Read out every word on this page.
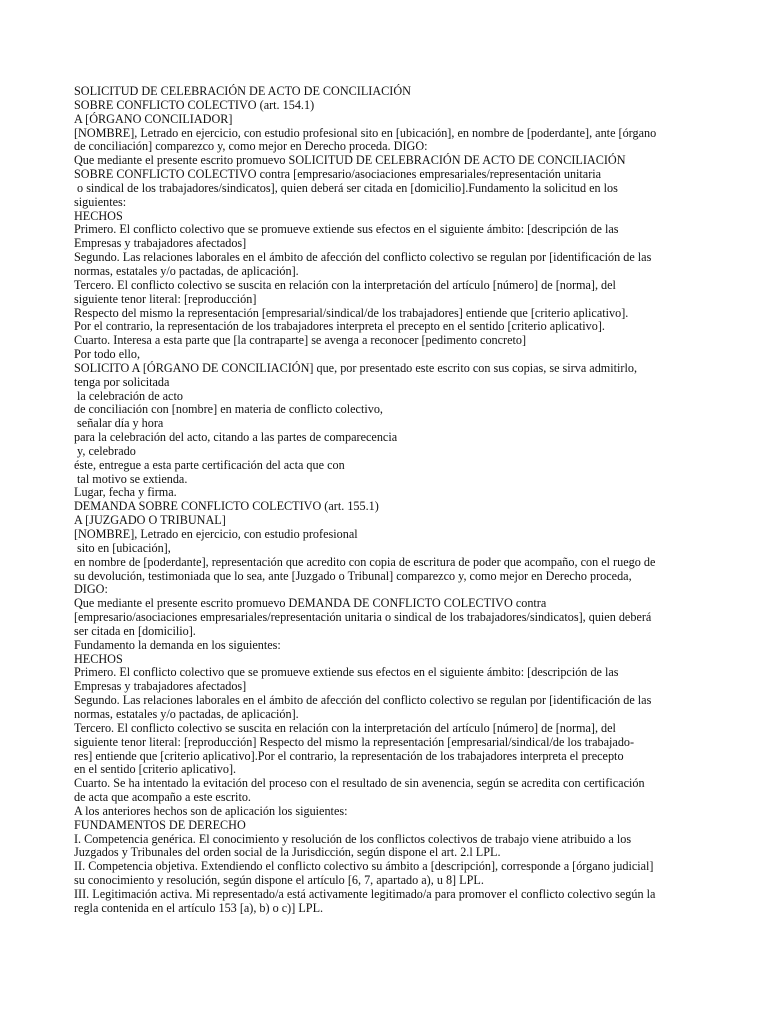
SOLICITUD DE CELEBRACIÓN DE ACTO DE CONCILIACIÓN
SOBRE CONFLICTO COLECTIVO (art. 154.1)
A [ÓRGANO CONCILIADOR]
[NOMBRE], Letrado en ejercicio, con estudio profesional sito en [ubicación], en nombre de [poderdante], ante [órgano
de conciliación] comparezco y, como mejor en Derecho proceda. DIGO:
Que mediante el presente escrito promuevo SOLICITUD DE CELEBRACIÓN DE ACTO DE CONCILIACIÓN
SOBRE CONFLICTO COLECTIVO contra [empresario/asociaciones empresariales/representación unitaria
o sindical de los trabajadores/sindicatos], quien deberá ser citada en [domicilio].Fundamento la solicitud en los
siguientes:
HECHOS
Primero. El conflicto colectivo que se promueve extiende sus efectos en el siguiente ámbito: [descripción de las
Empresas y trabajadores afectados]
Segundo. Las relaciones laborales en el ámbito de afección del conflicto colectivo se regulan por [identificación de las
normas, estatales y/o pactadas, de aplicación].
Tercero. El conflicto colectivo se suscita en relación con la interpretación del artículo [número] de [norma], del
siguiente tenor literal: [reproducción]
Respecto del mismo la representación [empresarial/sindical/de los trabajadores] entiende que [criterio aplicativo].
Por el contrario, la representación de los trabajadores interpreta el precepto en el sentido [criterio aplicativo].
Cuarto. Interesa a esta parte que [la contraparte] se avenga a reconocer [pedimento concreto]
Por todo ello,
SOLICITO A [ÓRGANO DE CONCILIACIÓN] que, por presentado este escrito con sus copias, se sirva admitirlo,
tenga por solicitada
la celebración de acto
de conciliación con [nombre] en materia de conflicto colectivo,
señalar día y hora
para la celebración del acto, citando a las partes de comparecencia
y, celebrado
éste, entregue a esta parte certificación del acta que con
tal motivo se extienda.
Lugar, fecha y firma.
DEMANDA SOBRE CONFLICTO COLECTIVO (art. 155.1)
A [JUZGADO O TRIBUNAL]
[NOMBRE], Letrado en ejercicio, con estudio profesional
sito en [ubicación],
en nombre de [poderdante], representación que acredito con copia de escritura de poder que acompaño, con el ruego de
su devolución, testimoniada que lo sea, ante [Juzgado o Tribunal] comparezco y, como mejor en Derecho proceda,
DIGO:
Que mediante el presente escrito promuevo DEMANDA DE CONFLICTO COLECTIVO contra
[empresario/asociaciones empresariales/representación unitaria o sindical de los trabajadores/sindicatos], quien deberá
ser citada en [domicilio].
Fundamento la demanda en los siguientes:
HECHOS
Primero. El conflicto colectivo que se promueve extiende sus efectos en el siguiente ámbito: [descripción de las
Empresas y trabajadores afectados]
Segundo. Las relaciones laborales en el ámbito de afección del conflicto colectivo se regulan por [identificación de las
normas, estatales y/o pactadas, de aplicación].
Tercero. El conflicto colectivo se suscita en relación con la interpretación del artículo [número] de [norma], del
siguiente tenor literal: [reproducción] Respecto del mismo la representación [empresarial/sindical/de los trabajado-
res] entiende que [criterio aplicativo].Por el contrario, la representación de los trabajadores interpreta el precepto
en el sentido [criterio aplicativo].
Cuarto. Se ha intentado la evitación del proceso con el resultado de sin avenencia, según se acredita con certificación
de acta que acompaño a este escrito.
A los anteriores hechos son de aplicación los siguientes:
FUNDAMENTOS DE DERECHO
I. Competencia genérica. El conocimiento y resolución de los conflictos colectivos de trabajo viene atribuido a los
Juzgados y Tribunales del orden social de la Jurisdicción, según dispone el art. 2.l LPL.
II. Competencia objetiva. Extendiendo el conflicto colectivo su ámbito a [descripción], corresponde a [órgano judicial]
su conocimiento y resolución, según dispone el artículo [6, 7, apartado a), u 8] LPL.
III. Legitimación activa. Mi representado/a está activamente legitimado/a para promover el conflicto colectivo según la
regla contenida en el artículo 153 [a), b) o c)] LPL.
